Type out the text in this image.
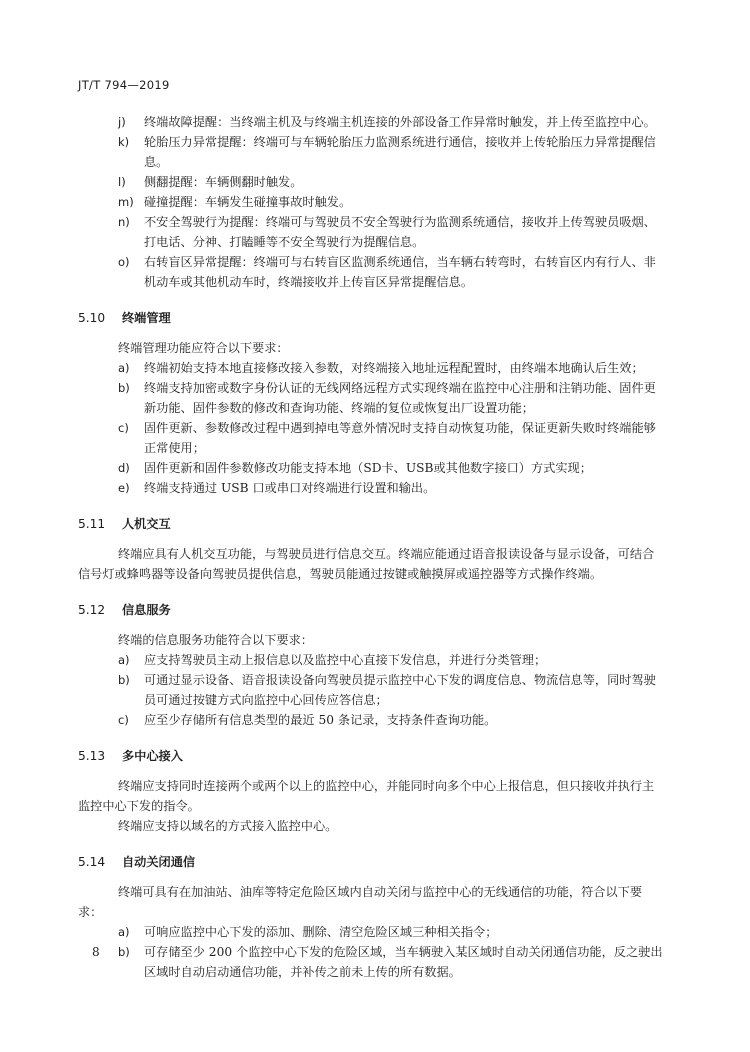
JT/T 794—2019
j)	终端故障提醒：当终端主机及与终端主机连接的外部设备工作异常时触发，并上传至监控中心。
k)	轮胎压力异常提醒：终端可与车辆轮胎压力监测系统进行通信，接收并上传轮胎压力异常提醒信息。
l)	侧翻提醒：车辆侧翻时触发。
m) 碰撞提醒：车辆发生碰撞事故时触发。
n)	不安全驾驶行为提醒：终端可与驾驶员不安全驾驶行为监测系统通信，接收并上传驾驶员吸烟、打电话、分神、打瞌睡等不安全驾驶行为提醒信息。
o)	右转盲区异常提醒：终端可与右转盲区监测系统通信，当车辆右转弯时，右转盲区内有行人、非机动车或其他机动车时，终端接收并上传盲区异常提醒信息。
5.10 终端管理
终端管理功能应符合以下要求：
a)	终端初始支持本地直接修改接入参数，对终端接入地址远程配置时，由终端本地确认后生效；
b)	终端支持加密或数字身份认证的无线网络远程方式实现终端在监控中心注册和注销功能、固件更新功能、固件参数的修改和查询功能、终端的复位或恢复出厂设置功能；
c)	固件更新、参数修改过程中遇到掉电等意外情况时支持自动恢复功能，保证更新失败时终端能够正常使用；
d)	固件更新和固件参数修改功能支持本地（SD卡、USB或其他数字接口）方式实现；
e)	终端支持通过 USB 口或串口对终端进行设置和输出。
5.11 人机交互
终端应具有人机交互功能，与驾驶员进行信息交互。终端应能通过语音报读设备与显示设备，可结合信号灯或蜂鸣器等设备向驾驶员提供信息，驾驶员能通过按键或触摸屏或遥控器等方式操作终端。
5.12 信息服务
终端的信息服务功能符合以下要求：
a)	应支持驾驶员主动上报信息以及监控中心直接下发信息，并进行分类管理；
b)	可通过显示设备、语音报读设备向驾驶员提示监控中心下发的调度信息、物流信息等，同时驾驶员可通过按键方式向监控中心回传应答信息；
c)	应至少存储所有信息类型的最近 50 条记录，支持条件查询功能。
5.13 多中心接入
终端应支持同时连接两个或两个以上的监控中心，并能同时向多个中心上报信息，但只接收并执行主监控中心下发的指令。
终端应支持以域名的方式接入监控中心。
5.14 自动关闭通信
终端可具有在加油站、油库等特定危险区域内自动关闭与监控中心的无线通信的功能，符合以下要求：
a)	可响应监控中心下发的添加、删除、清空危险区域三种相关指令；
b)	可存储至少 200 个监控中心下发的危险区域，当车辆驶入某区域时自动关闭通信功能，反之驶出区域时自动启动通信功能，并补传之前未上传的所有数据。
8
